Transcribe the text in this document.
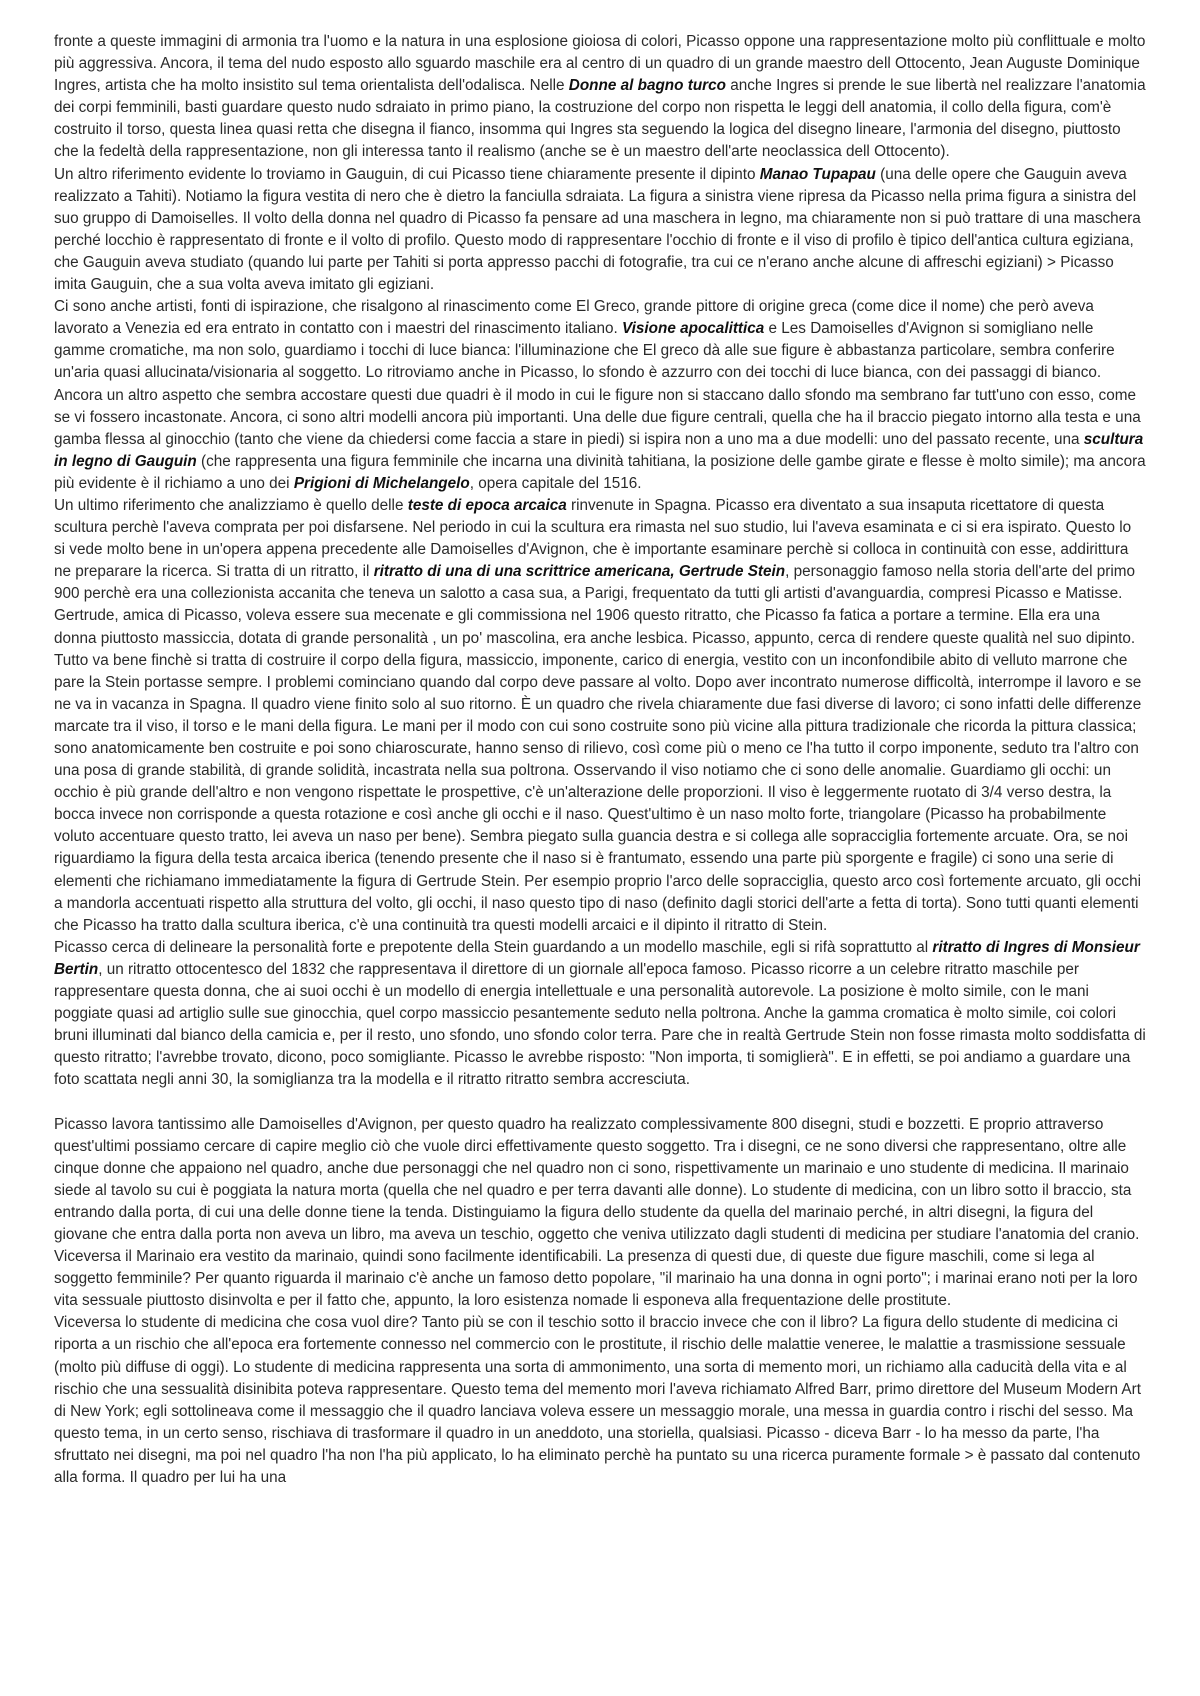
fronte a queste immagini di armonia tra l'uomo e la natura in una esplosione gioiosa di colori, Picasso oppone una rappresentazione molto più conflittuale e molto più aggressiva. Ancora, il tema del nudo esposto allo sguardo maschile era al centro di un quadro di un grande maestro dell Ottocento, Jean Auguste Dominique Ingres, artista che ha molto insistito sul tema orientalista dell'odalisca. Nelle Donne al bagno turco anche Ingres si prende le sue libertà nel realizzare l'anatomia dei corpi femminili, basti guardare questo nudo sdraiato in primo piano, la costruzione del corpo non rispetta le leggi dell anatomia, il collo della figura, com'è costruito il torso, questa linea quasi retta che disegna il fianco, insomma qui Ingres sta seguendo la logica del disegno lineare, l'armonia del disegno, piuttosto che la fedeltà della rappresentazione, non gli interessa tanto il realismo (anche se è un maestro dell'arte neoclassica dell Ottocento).

Un altro riferimento evidente lo troviamo in Gauguin, di cui Picasso tiene chiaramente presente il dipinto Manao Tupapau (una delle opere che Gauguin aveva realizzato a Tahiti). Notiamo la figura vestita di nero che è dietro la fanciulla sdraiata. La figura a sinistra viene ripresa da Picasso nella prima figura a sinistra del suo gruppo di Damoiselles. Il volto della donna nel quadro di Picasso fa pensare ad una maschera in legno, ma chiaramente non si può trattare di una maschera perché locchio è rappresentato di fronte e il volto di profilo. Questo modo di rappresentare l'occhio di fronte e il viso di profilo è tipico dell'antica cultura egiziana, che Gauguin aveva studiato (quando lui parte per Tahiti si porta appresso pacchi di fotografie, tra cui ce n'erano anche alcune di affreschi egiziani) > Picasso imita Gauguin, che a sua volta aveva imitato gli egiziani.

Ci sono anche artisti, fonti di ispirazione, che risalgono al rinascimento come El Greco, grande pittore di origine greca (come dice il nome) che però aveva lavorato a Venezia ed era entrato in contatto con i maestri del rinascimento italiano. Visione apocalittica e Les Damoiselles d'Avignon si somigliano nelle gamme cromatiche, ma non solo, guardiamo i tocchi di luce bianca: l'illuminazione che El greco dà alle sue figure è abbastanza particolare, sembra conferire un'aria quasi allucinata/visionaria al soggetto. Lo ritroviamo anche in Picasso, lo sfondo è azzurro con dei tocchi di luce bianca, con dei passaggi di bianco. Ancora un altro aspetto che sembra accostare questi due quadri è il modo in cui le figure non si staccano dallo sfondo ma sembrano far tutt'uno con esso, come se vi fossero incastonate. Ancora, ci sono altri modelli ancora più importanti. Una delle due figure centrali, quella che ha il braccio piegato intorno alla testa e una gamba flessa al ginocchio (tanto che viene da chiedersi come faccia a stare in piedi) si ispira non a uno ma a due modelli: uno del passato recente, una scultura in legno di Gauguin (che rappresenta una figura femminile che incarna una divinità tahitiana, la posizione delle gambe girate e flesse è molto simile); ma ancora più evidente è il richiamo a uno dei Prigioni di Michelangelo, opera capitale del 1516.

Un ultimo riferimento che analizziamo è quello delle teste di epoca arcaica rinvenute in Spagna. Picasso era diventato a sua insaputa ricettatore di questa scultura perchè l'aveva comprata per poi disfarsene. Nel periodo in cui la scultura era rimasta nel suo studio, lui l'aveva esaminata e ci si era ispirato. Questo lo si vede molto bene in un'opera appena precedente alle Damoiselles d'Avignon, che è importante esaminare perchè si colloca in continuità con esse, addirittura ne preparare la ricerca. Si tratta di un ritratto, il ritratto di una di una scrittrice americana, Gertrude Stein, personaggio famoso nella storia dell'arte del primo 900 perchè era una collezionista accanita che teneva un salotto a casa sua, a Parigi, frequentato da tutti gli artisti d'avanguardia, compresi Picasso e Matisse. Gertrude, amica di Picasso, voleva essere sua mecenate e gli commissiona nel 1906 questo ritratto, che Picasso fa fatica a portare a termine. Ella era una donna piuttosto massiccia, dotata di grande personalità , un po' mascolina, era anche lesbica. Picasso, appunto, cerca di rendere queste qualità nel suo dipinto. Tutto va bene finchè si tratta di costruire il corpo della figura, massiccio, imponente, carico di energia, vestito con un inconfondibile abito di velluto marrone che pare la Stein portasse sempre. I problemi cominciano quando dal corpo deve passare al volto. Dopo aver incontrato numerose difficoltà, interrompe il lavoro e se ne va in vacanza in Spagna. Il quadro viene finito solo al suo ritorno. È un quadro che rivela chiaramente due fasi diverse di lavoro; ci sono infatti delle differenze marcate tra il viso, il torso e le mani della figura. Le mani per il modo con cui sono costruite sono più vicine alla pittura tradizionale che ricorda la pittura classica; sono anatomicamente ben costruite e poi sono chiaroscurate, hanno senso di rilievo, così come più o meno ce l'ha tutto il corpo imponente, seduto tra l'altro con una posa di grande stabilità, di grande solidità, incastrata nella sua poltrona. Osservando il viso notiamo che ci sono delle anomalie. Guardiamo gli occhi: un occhio è più grande dell'altro e non vengono rispettate le prospettive, c'è un'alterazione delle proporzioni. Il viso è leggermente ruotato di 3/4 verso destra, la bocca invece non corrisponde a questa rotazione e così anche gli occhi e il naso. Quest'ultimo è un naso molto forte, triangolare (Picasso ha probabilmente voluto accentuare questo tratto, lei aveva un naso per bene). Sembra piegato sulla guancia destra e si collega alle sopracciglia fortemente arcuate. Ora, se noi riguardiamo la figura della testa arcaica iberica (tenendo presente che il naso si è frantumato, essendo una parte più sporgente e fragile) ci sono una serie di elementi che richiamano immediatamente la figura di Gertrude Stein. Per esempio proprio l'arco delle sopracciglia, questo arco così fortemente arcuato, gli occhi a mandorla accentuati rispetto alla struttura del volto, gli occhi, il naso questo tipo di naso (definito dagli storici dell'arte a fetta di torta). Sono tutti quanti elementi che Picasso ha tratto dalla scultura iberica, c'è una continuità tra questi modelli arcaici e il dipinto il ritratto di Stein.

Picasso cerca di delineare la personalità forte e prepotente della Stein guardando a un modello maschile, egli si rifà soprattutto al ritratto di Ingres di Monsieur Bertin, un ritratto ottocentesco del 1832 che rappresentava il direttore di un giornale all'epoca famoso. Picasso ricorre a un celebre ritratto maschile per rappresentare questa donna, che ai suoi occhi è un modello di energia intellettuale e una personalità autorevole. La posizione è molto simile, con le mani poggiate quasi ad artiglio sulle sue ginocchia, quel corpo massiccio pesantemente seduto nella poltrona. Anche la gamma cromatica è molto simile, coi colori bruni illuminati dal bianco della camicia e, per il resto, uno sfondo, uno sfondo color terra. Pare che in realtà Gertrude Stein non fosse rimasta molto soddisfatta di questo ritratto; l'avrebbe trovato, dicono, poco somigliante. Picasso le avrebbe risposto: "Non importa, ti somiglierà". E in effetti, se poi andiamo a guardare una foto scattata negli anni 30, la somiglianza tra la modella e il ritratto ritratto sembra accresciuta.

Picasso lavora tantissimo alle Damoiselles d'Avignon, per questo quadro ha realizzato complessivamente 800 disegni, studi e bozzetti. E proprio attraverso quest'ultimi possiamo cercare di capire meglio ciò che vuole dirci effettivamente questo soggetto. Tra i disegni, ce ne sono diversi che rappresentano, oltre alle cinque donne che appaiono nel quadro, anche due personaggi che nel quadro non ci sono, rispettivamente un marinaio e uno studente di medicina. Il marinaio siede al tavolo su cui è poggiata la natura morta (quella che nel quadro e per terra davanti alle donne). Lo studente di medicina, con un libro sotto il braccio, sta entrando dalla porta, di cui una delle donne tiene la tenda. Distinguiamo la figura dello studente da quella del marinaio perché, in altri disegni, la figura del giovane che entra dalla porta non aveva un libro, ma aveva un teschio, oggetto che veniva utilizzato dagli studenti di medicina per studiare l'anatomia del cranio. Viceversa il Marinaio era vestito da marinaio, quindi sono facilmente identificabili. La presenza di questi due, di queste due figure maschili, come si lega al soggetto femminile? Per quanto riguarda il marinaio c'è anche un famoso detto popolare, "il marinaio ha una donna in ogni porto"; i marinai erano noti per la loro vita sessuale piuttosto disinvolta e per il fatto che, appunto, la loro esistenza nomade li esponeva alla frequentazione delle prostitute.

Viceversa lo studente di medicina che cosa vuol dire? Tanto più se con il teschio sotto il braccio invece che con il libro? La figura dello studente di medicina ci riporta a un rischio che all'epoca era fortemente connesso nel commercio con le prostitute, il rischio delle malattie veneree, le malattie a trasmissione sessuale (molto più diffuse di oggi). Lo studente di medicina rappresenta una sorta di ammonimento, una sorta di memento mori, un richiamo alla caducità della vita e al rischio che una sessualità disinibita poteva rappresentare. Questo tema del memento mori l'aveva richiamato Alfred Barr, primo direttore del Museum Modern Art di New York; egli sottolineava come il messaggio che il quadro lanciava voleva essere un messaggio morale, una messa in guardia contro i rischi del sesso. Ma questo tema, in un certo senso, rischiava di trasformare il quadro in un aneddoto, una storiella, qualsiasi. Picasso - diceva Barr - lo ha messo da parte, l'ha sfruttato nei disegni, ma poi nel quadro l'ha non l'ha più applicato, lo ha eliminato perchè ha puntato su una ricerca puramente formale > è passato dal contenuto alla forma. Il quadro per lui ha una
